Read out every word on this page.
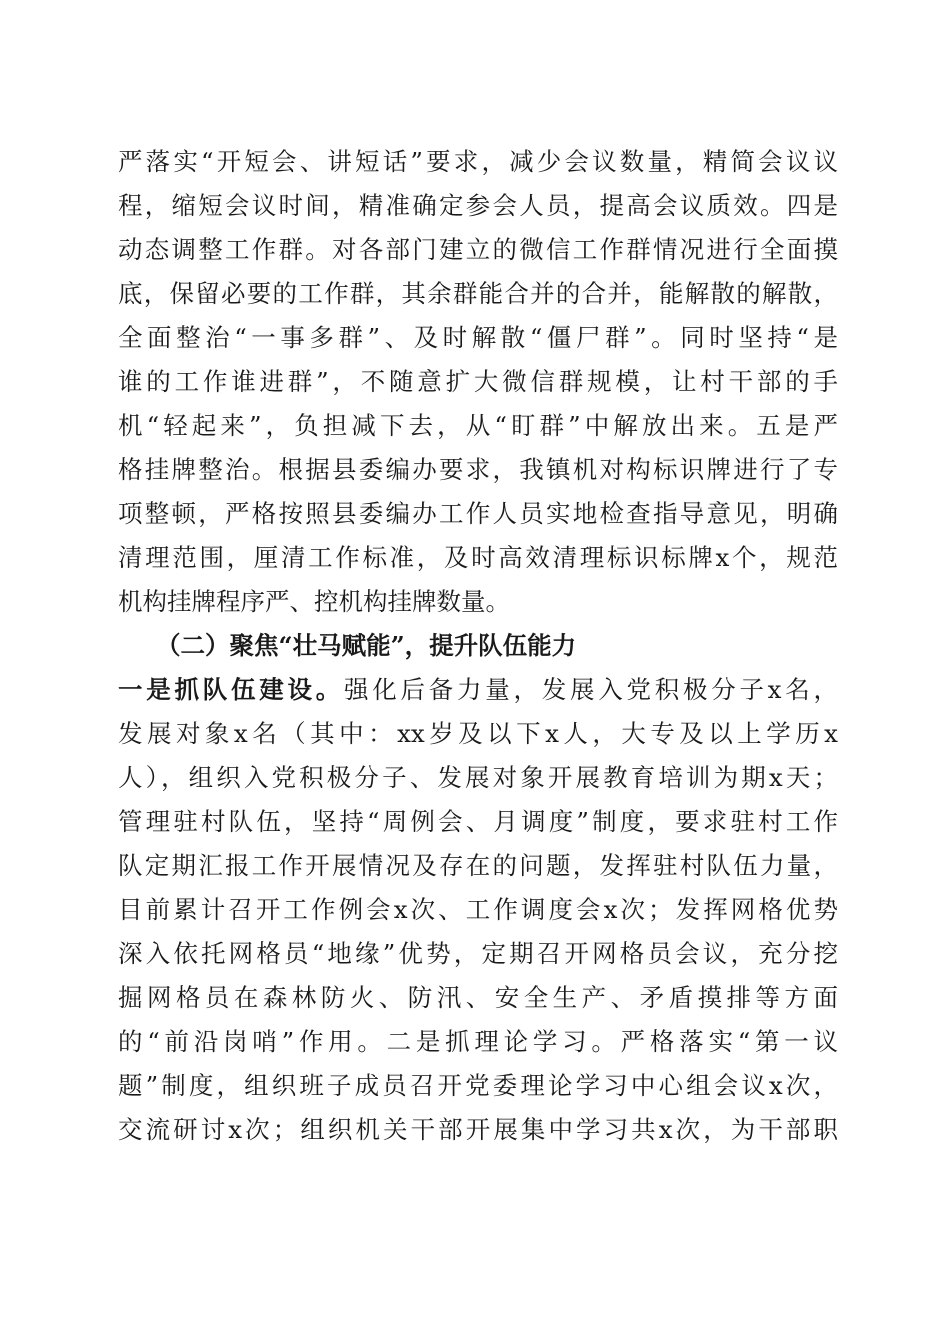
严落实“开短会、讲短话”要求，减少会议数量，精简会议议
程，缩短会议时间，精准确定参会人员，提高会议质效。四是
动态调整工作群。对各部门建立的微信工作群情况进行全面摸
底，保留必要的工作群，其余群能合并的合并，能解散的解散，
全面整治“一事多群”、及时解散“僵尸群”。同时坚持“是
谁的工作谁进群”，不随意扩大微信群规模，让村干部的手
机“轻起来”，负担减下去，从“盯群”中解放出来。五是严
格挂牌整治。根据县委编办要求，我镇机对构标识牌进行了专
项整顿，严格按照县委编办工作人员实地检查指导意见，明确
清理范围，厘清工作标准，及时高效清理标识标牌x个，规范
机构挂牌程序严、控机构挂牌数量。
（二）聚焦“壮马赋能”，提升队伍能力
一是抓队伍建设。强化后备力量，发展入党积极分子x名，
发展对象x名（其中：xx岁及以下x人，大专及以上学历x
人），组织入党积极分子、发展对象开展教育培训为期x天；
管理驻村队伍，坚持“周例会、月调度”制度，要求驻村工作
队定期汇报工作开展情况及存在的问题，发挥驻村队伍力量，
目前累计召开工作例会x次、工作调度会x次；发挥网格优势
深入依托网格员“地缘”优势，定期召开网格员会议，充分挖
掘网格员在森林防火、防汛、安全生产、矛盾摸排等方面
的“前沿岗哨”作用。二是抓理论学习。严格落实“第一议
题”制度，组织班子成员召开党委理论学习中心组会议x次，
交流研讨x次；组织机关干部开展集中学习共x次，为干部职
